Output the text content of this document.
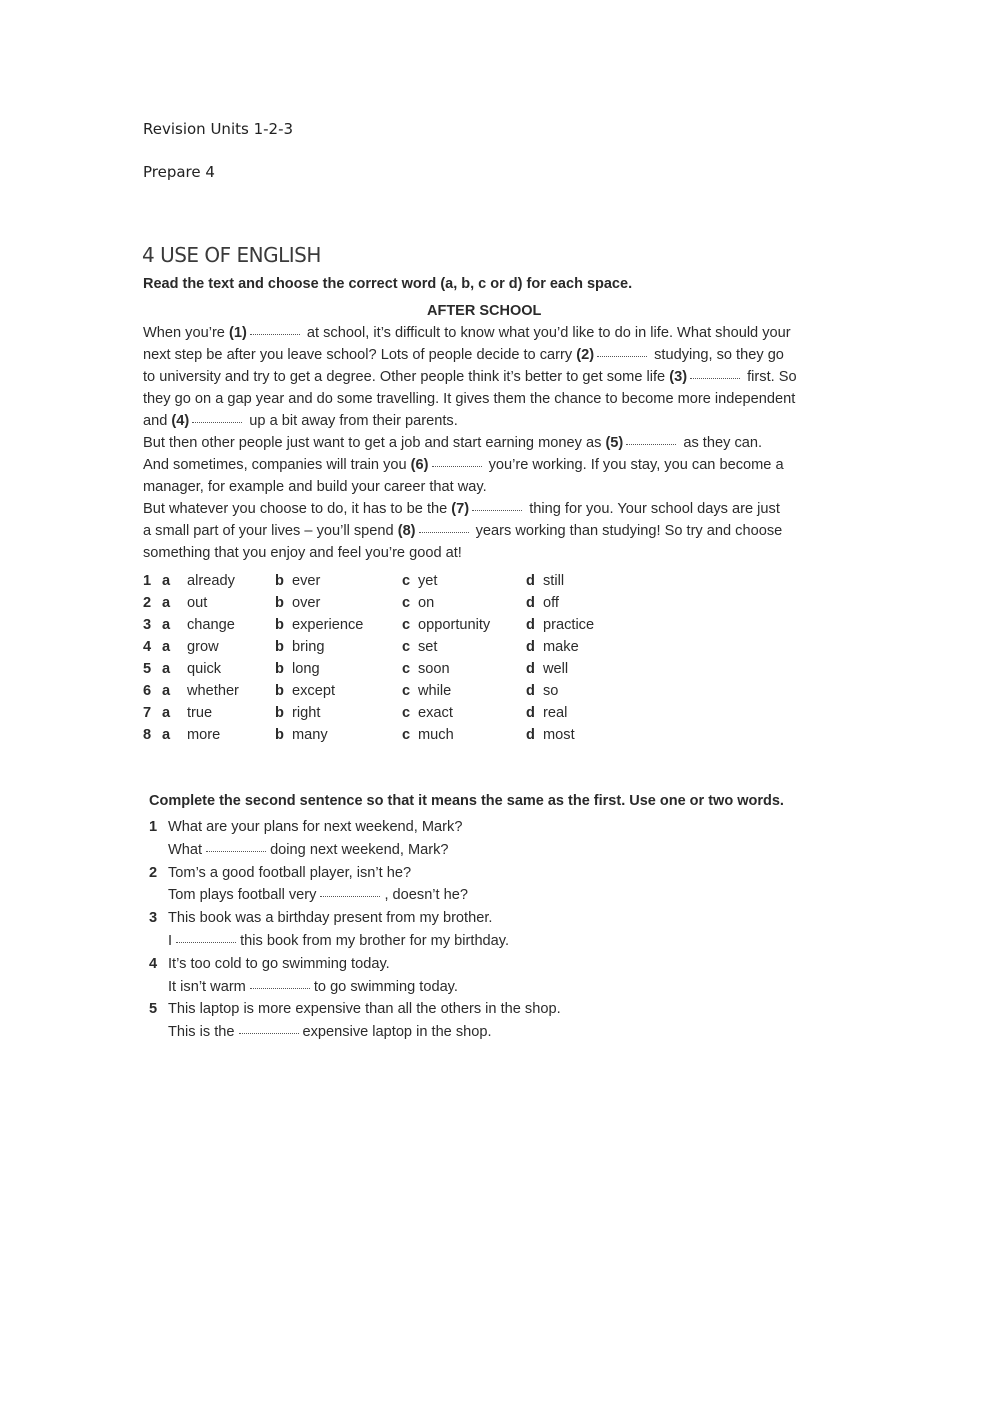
Revision Units 1-2-3
Prepare 4
4 USE OF ENGLISH
Read the text and choose the correct word (a, b, c or d) for each space.
AFTER SCHOOL
When you’re (1)	at school, it’s difficult to know what you’d like to do in life. What should your
next step be after you leave school? Lots of people decide to carry (2)	studying, so they go
to university and try to get a degree. Other people think it’s better to get some life (3)	first. So
they go on a gap year and do some travelling. It gives them the chance to become more independent
and (4)	up a bit away from their parents.
But then other people just want to get a job and start earning money as (5)	as they can.
And sometimes, companies will train you (6)	you’re working. If you stay, you can become a
manager, for example and build your career that way.
But whatever you choose to do, it has to be the (7)	thing for you. Your school days are just
a small part of your lives – you’ll spend (8)	years working than studying! So try and choose
something that you enjoy and feel you’re good at!
1 a already	b ever	c yet	d still
2 a out	b over	c on	d off
3 a change	b experience	c opportunity d practice
4 a grow	b bring	c set	d make
5 a quick	b long	c soon	d well
6 a whether b except	c while	d so
7 a true	b right	c exact	d real
8 a more	b many	c much	d most
Complete the second sentence so that it means the same as the first. Use one or two words.
1 What are your plans for next weekend, Mark?
What	doing next weekend, Mark?
2 Tom’s a good football player, isn’t he?
Tom plays football very	, doesn’t he?
3 This book was a birthday present from my brother.
I	this book from my brother for my birthday.
4 It’s too cold to go swimming today.
It isn’t warm	to go swimming today.
5 This laptop is more expensive than all the others in the shop.
This is the	expensive laptop in the shop.
